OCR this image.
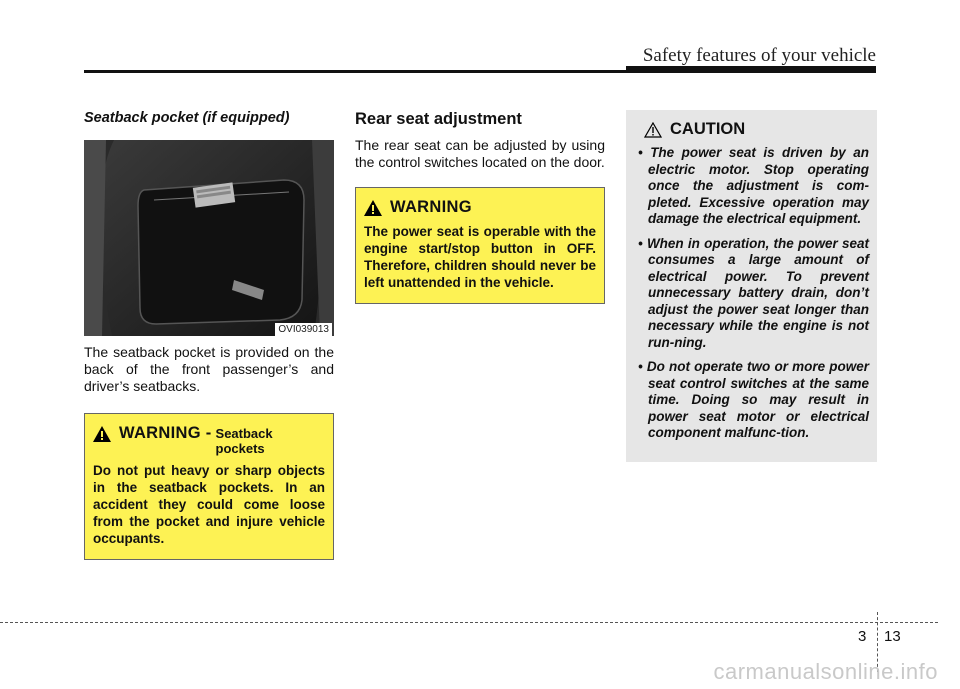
Safety features of your vehicle

Seatback pocket (if equipped)

OVI039013

The seatback pocket is provided on the back of the front passenger’s and driver’s seatbacks.

WARNING - Seatback pockets

Do not put heavy or sharp objects in the seatback pockets. In an accident they could come loose from the pocket and injure vehicle occupants.

Rear seat adjustment

The rear seat can be adjusted by using the control switches located on the door.

WARNING

The power seat is operable with the engine start/stop button in OFF. Therefore, children should never be left unattended in the vehicle.

CAUTION
• The power seat is driven by an electric motor. Stop operating once the adjustment is com-pleted. Excessive operation may damage the electrical equipment.
• When in operation, the power seat consumes a large amount of electrical power. To prevent unnecessary battery drain, don’t adjust the power seat longer than necessary while the engine is not run-ning.
• Do not operate two or more power seat control switches at the same time. Doing so may result in power seat motor or electrical component malfunc-tion.
3 13
carmanualsonline.info
